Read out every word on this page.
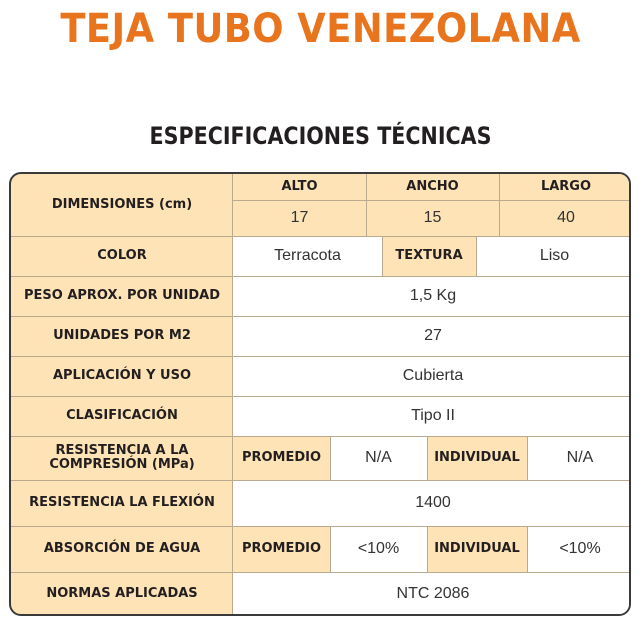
TEJA TUBO VENEZOLANA
ESPECIFICACIONES TÉCNICAS
DIMENSIONES (cm)
ALTO	ANCHO	LARGO
17	15	40
COLOR	Terracota	TEXTURA	Liso
PESO APROX. POR UNIDAD	1,5 Kg
UNIDADES POR M2	27
APLICACIÓN Y USO	Cubierta
CLASIFICACIÓN	Tipo II
RESISTENCIA A LA
COMPRESIÓN (MPa)	PROMEDIO	N/A	INDIVIDUAL	N/A
RESISTENCIA LA FLEXIÓN	1400
ABSORCIÓN DE AGUA	PROMEDIO	<10%	INDIVIDUAL	<10%
NORMAS APLICADAS	NTC 2086
